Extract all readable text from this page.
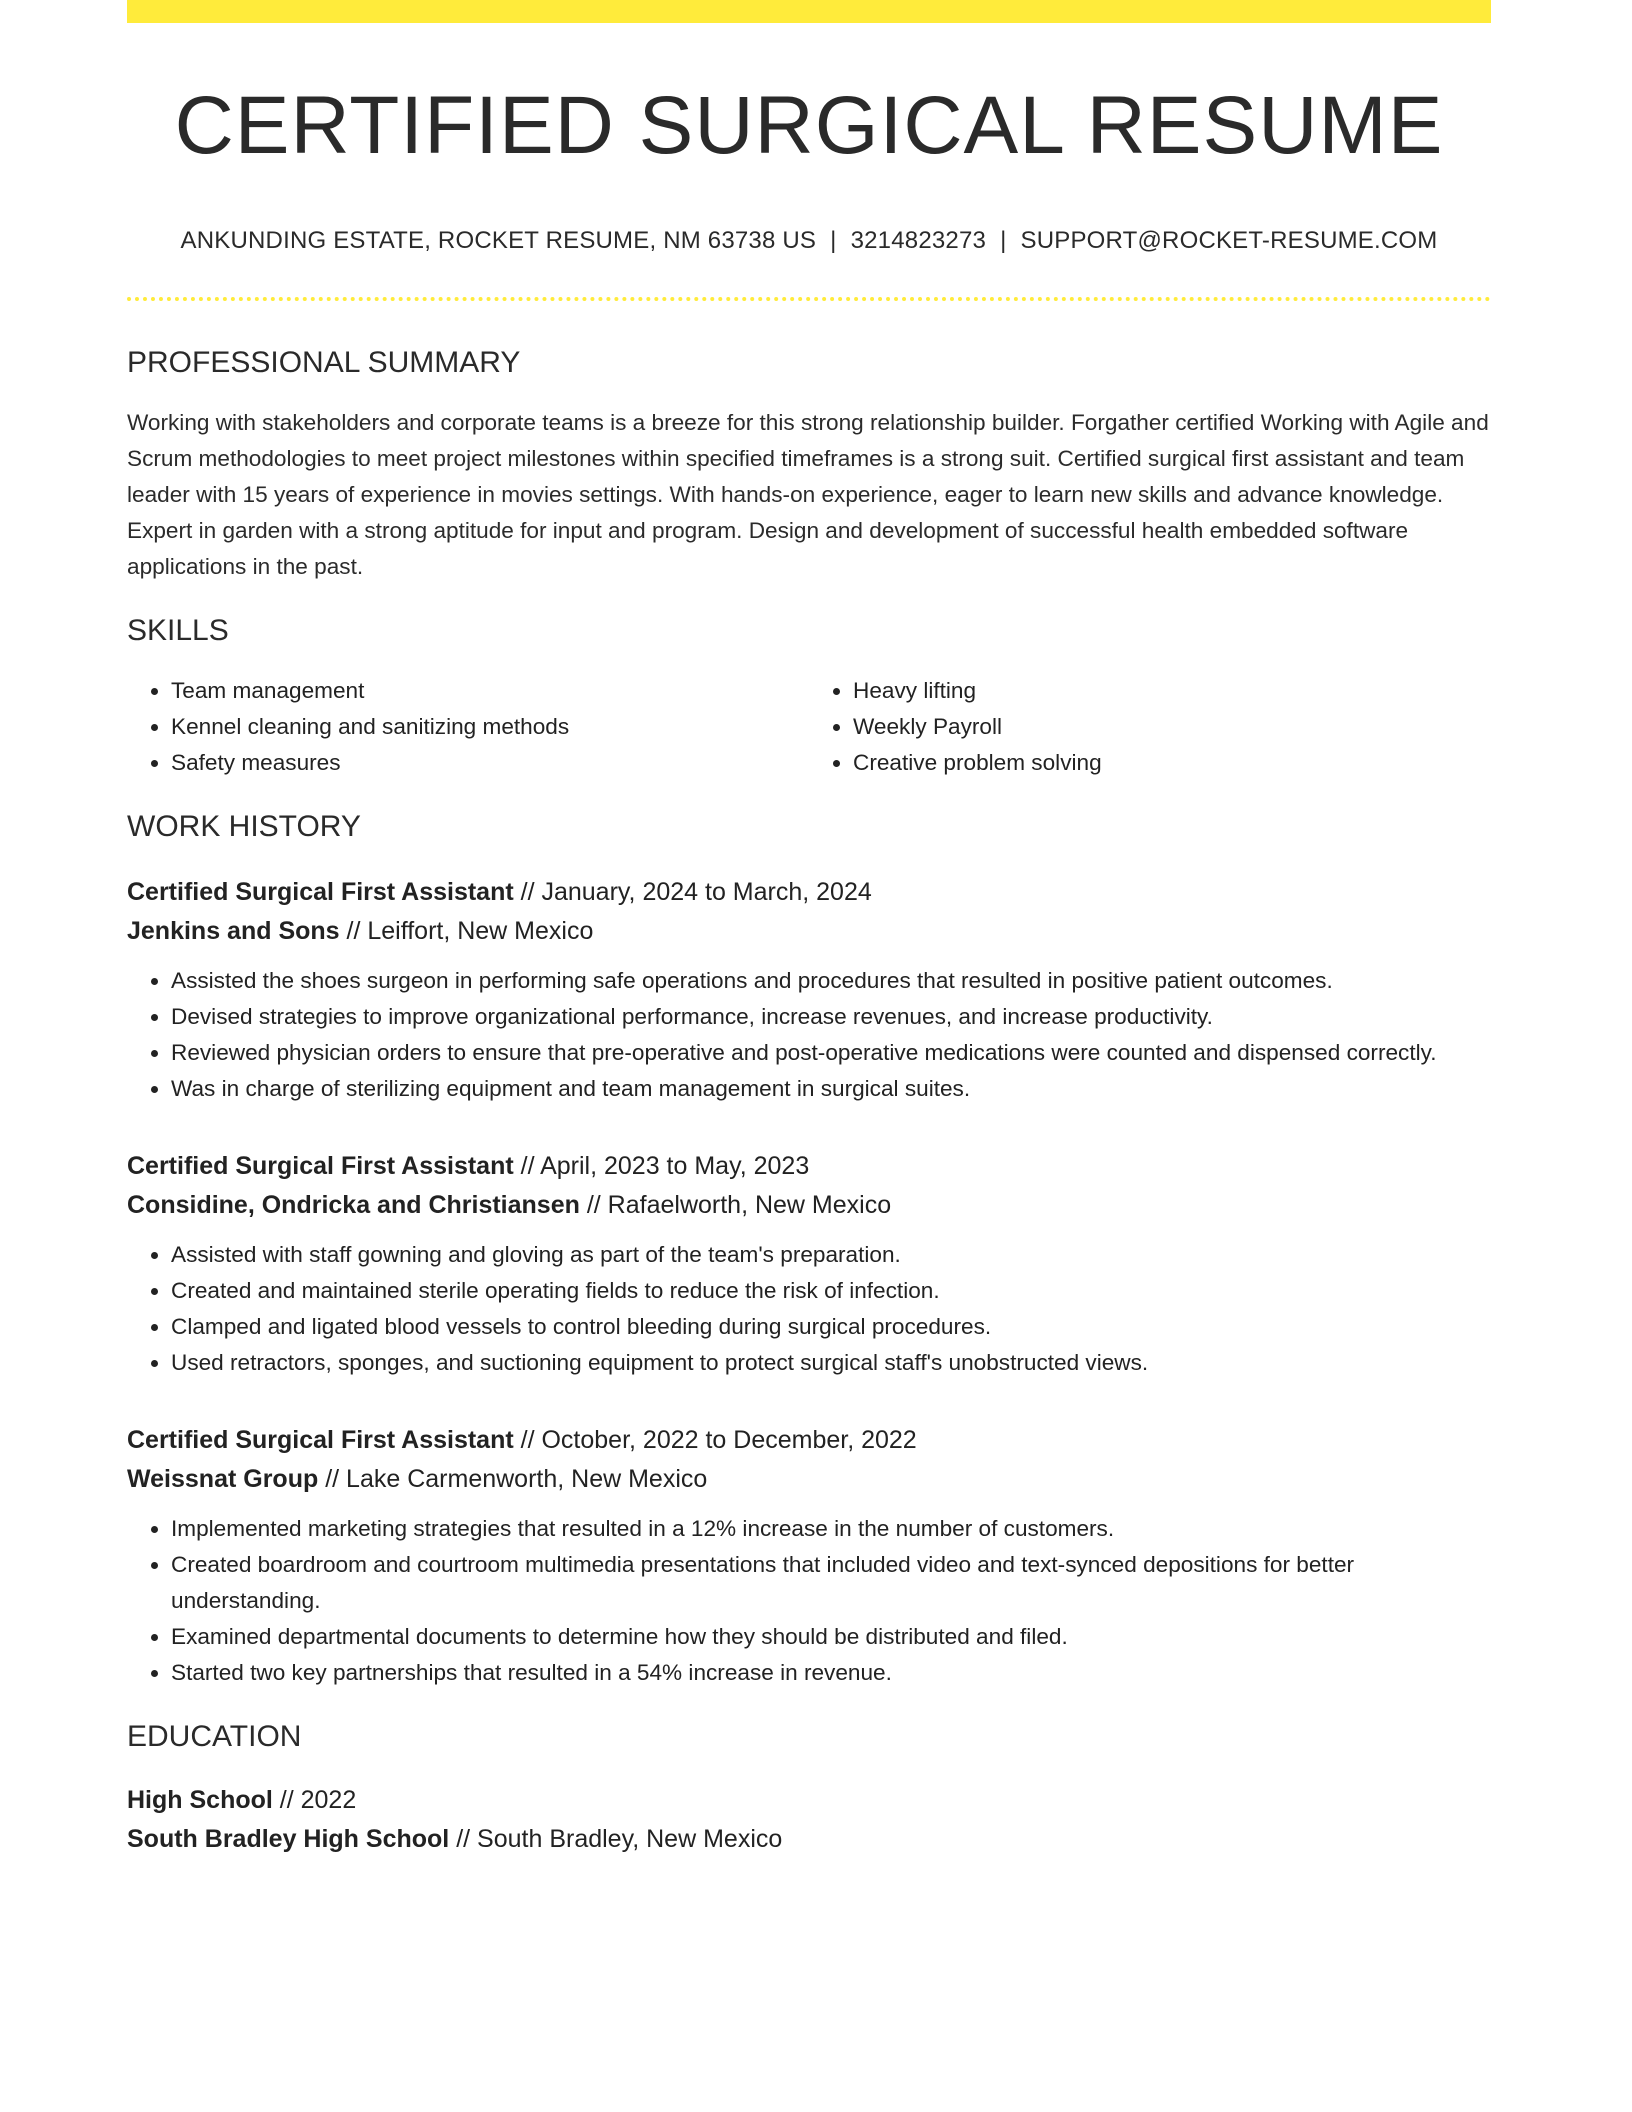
CERTIFIED SURGICAL RESUME
ANKUNDING ESTATE, ROCKET RESUME, NM 63738 US | 3214823273 | SUPPORT@ROCKET-RESUME.COM
PROFESSIONAL SUMMARY

Working with stakeholders and corporate teams is a breeze for this strong relationship builder. Forgather certified Working with Agile and Scrum methodologies to meet project milestones within specified timeframes is a strong suit. Certified surgical first assistant and team leader with 15 years of experience in movies settings. With hands-on experience, eager to learn new skills and advance knowledge. Expert in garden with a strong aptitude for input and program. Design and development of successful health embedded software applications in the past.

SKILLS
• Team management
• Kennel cleaning and sanitizing methods
• Safety measures
• Heavy lifting
• Weekly Payroll
• Creative problem solving
WORK HISTORY
Certified Surgical First Assistant // January, 2024 to March, 2024
Jenkins and Sons // Leiffort, New Mexico
• Assisted the shoes surgeon in performing safe operations and procedures that resulted in positive patient outcomes.
• Devised strategies to improve organizational performance, increase revenues, and increase productivity.
• Reviewed physician orders to ensure that pre-operative and post-operative medications were counted and dispensed correctly.
• Was in charge of sterilizing equipment and team management in surgical suites.
Certified Surgical First Assistant // April, 2023 to May, 2023
Considine, Ondricka and Christiansen // Rafaelworth, New Mexico
• Assisted with staff gowning and gloving as part of the team's preparation.
• Created and maintained sterile operating fields to reduce the risk of infection.
• Clamped and ligated blood vessels to control bleeding during surgical procedures.
• Used retractors, sponges, and suctioning equipment to protect surgical staff's unobstructed views.
Certified Surgical First Assistant // October, 2022 to December, 2022
Weissnat Group // Lake Carmenworth, New Mexico
• Implemented marketing strategies that resulted in a 12% increase in the number of customers.
• Created boardroom and courtroom multimedia presentations that included video and text-synced depositions for better understanding.
• Examined departmental documents to determine how they should be distributed and filed.
• Started two key partnerships that resulted in a 54% increase in revenue.
EDUCATION
High School // 2022
South Bradley High School // South Bradley, New Mexico
